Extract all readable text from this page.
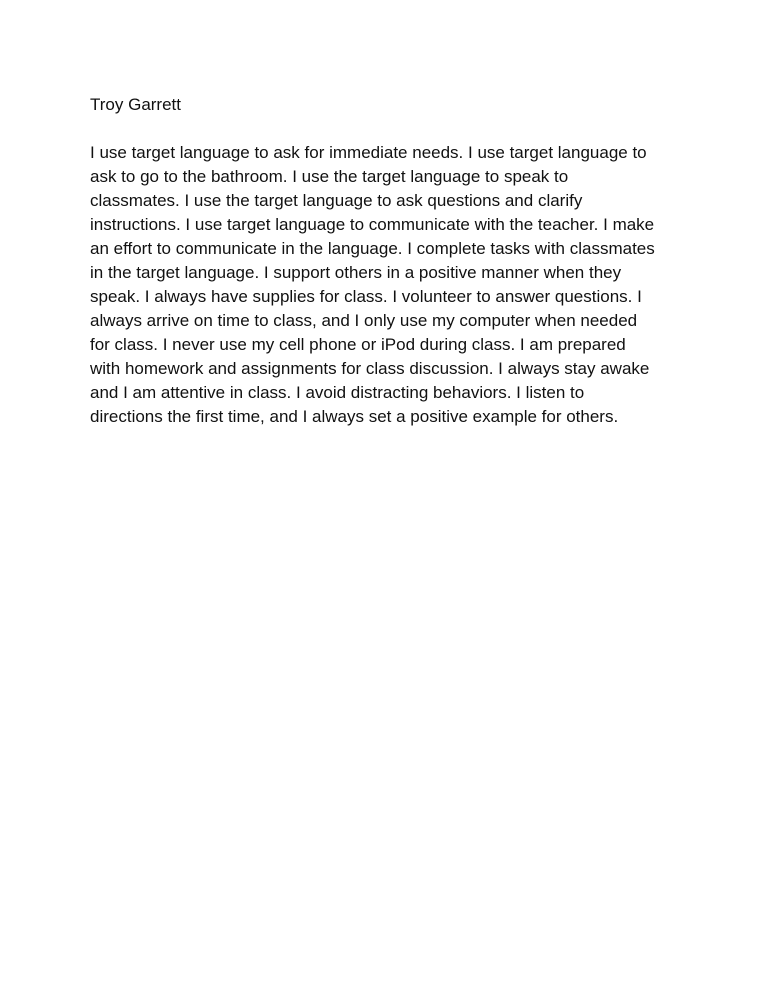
Troy Garrett

I use target language to ask for immediate needs. I use target language to
ask to go to the bathroom. I use the target language to speak to
classmates. I use the target language to ask questions and clarify
instructions. I use target language to communicate with the teacher. I make
an effort to communicate in the language. I complete tasks with classmates
in the target language. I support others in a positive manner when they
speak. I always have supplies for class. I volunteer to answer questions. I
always arrive on time to class, and I only use my computer when needed
for class. I never use my cell phone or iPod during class. I am prepared
with homework and assignments for class discussion. I always stay awake
and I am attentive in class. I avoid distracting behaviors. I listen to
directions the first time, and I always set a positive example for others.
